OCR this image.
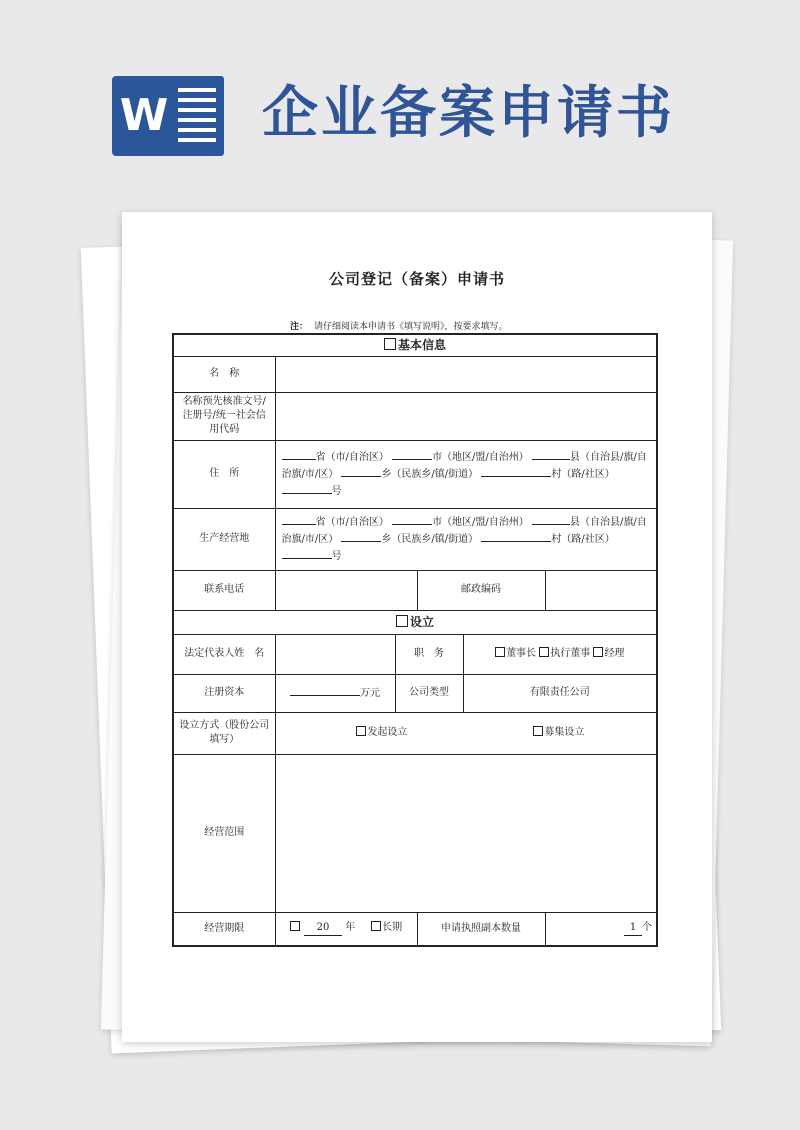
W 企业备案申请书
公司登记（备案）申请书
注： 请仔细阅读本申请书《填写说明》，按要求填写。
基本信息					
名　称					
名称预先核准文号/注册号/统一社会信用代码					
住　所	省（市/自治区） 市（地区/盟/自治州） 县（自治县/旗/自治旗/市/区） 乡（民族乡/镇/街道） 村（路/社区） 号				
生产经营地	省（市/自治区） 市（地区/盟/自治州） 县（自治县/旗/自治旗/市/区） 乡（民族乡/镇/街道） 村（路/社区） 号				
联系电话			邮政编码		
设立					
法定代表人姓　名		职　务		董事长 执行董事 经理	
注册资本	万元	公司类型		有限责任公司	
设立方式（股份公司填写）	发起设立 募集设立				
经营范围					
经营期限	20 年 长期		申请执照副本数量		1 个
